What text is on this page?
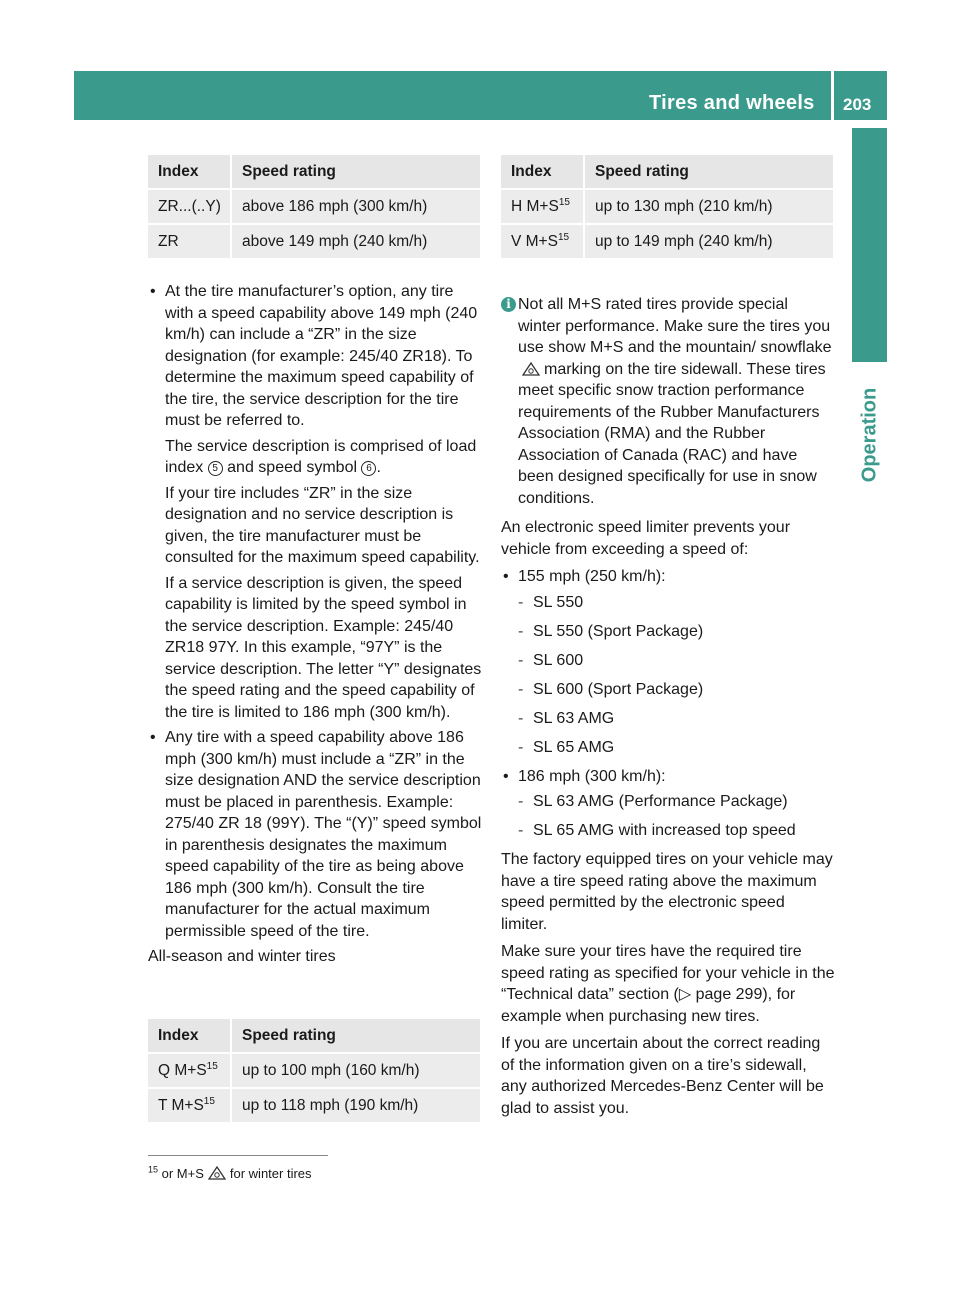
Tires and wheels 203
Operation
Index	Speed rating
ZR...(..Y)	above 186 mph (300 km/h)
ZR	above 149 mph (240 km/h)
• At the tire manufacturer’s option, any tire with a speed capability above 149 mph (240 km/h) can include a “ZR” in the size designation (for example: 245/40 ZR18). To determine the maximum speed capability of the tire, the service description for the tire must be referred to.

The service description is comprised of load index 5 and speed symbol 6 .

If your tire includes “ZR” in the size designation and no service description is given, the tire manufacturer must be consulted for the maximum speed capability.

If a service description is given, the speed capability is limited by the speed symbol in the service description. Example: 245/40 ZR18 97Y. In this example, “97Y” is the service description. The letter “Y” designates the speed rating and the speed capability of the tire is limited to 186 mph (300 km/h).

• Any tire with a speed capability above 186 mph (300 km/h) must include a “ZR” in the size designation AND the service description must be placed in parenthesis. Example: 275/40 ZR 18 (99Y). The “(Y)” speed symbol in parenthesis designates the maximum speed capability of the tire as being above 186 mph (300 km/h). Consult the tire manufacturer for the actual maximum permissible speed of the tire.

All-season and winter tires
Index	Speed rating
Q $M+S^{15}$	up to 100 mph (160 km/h)
T $M+S^{15}$	up to 118 mph (190 km/h)
Index	Speed rating
H $M+S^{15}$	up to 130 mph (210 km/h)
V $M+S^{15}$	up to 149 mph (240 km/h)
i Not all M+S rated tires provide special winter performance. Make sure the tires you use show M+S and the mountain/ snowflakemarking on the tire sidewall. These tires meet specific snow traction performance requirements of the Rubber Manufacturers Association (RMA) and the Rubber Association of Canada (RAC) and have been designed specifically for use in snow conditions.
An electronic speed limiter prevents your vehicle from exceeding a speed of:
• 155 mph (250 km/h):

- SL 550
- SL 550 (Sport Package)
- SL 600
- SL 600 (Sport Package)
- SL 63 AMG
- SL 65 AMG
• 186 mph (300 km/h):

- SL 63 AMG (Performance Package)
- SL 65 AMG with increased top speed
The factory equipped tires on your vehicle may have a tire speed rating above the maximum speed permitted by the electronic speed limiter.
Make sure your tires have the required tire speed rating as specified for your vehicle in the “Technical data” section (▷ page 299), for example when purchasing new tires.
If you are uncertain about the correct reading of the information given on a tire’s sidewall, any authorized Mercedes-Benz Center will be glad to assist you.
$^{15}$ or M+S for winter tires
